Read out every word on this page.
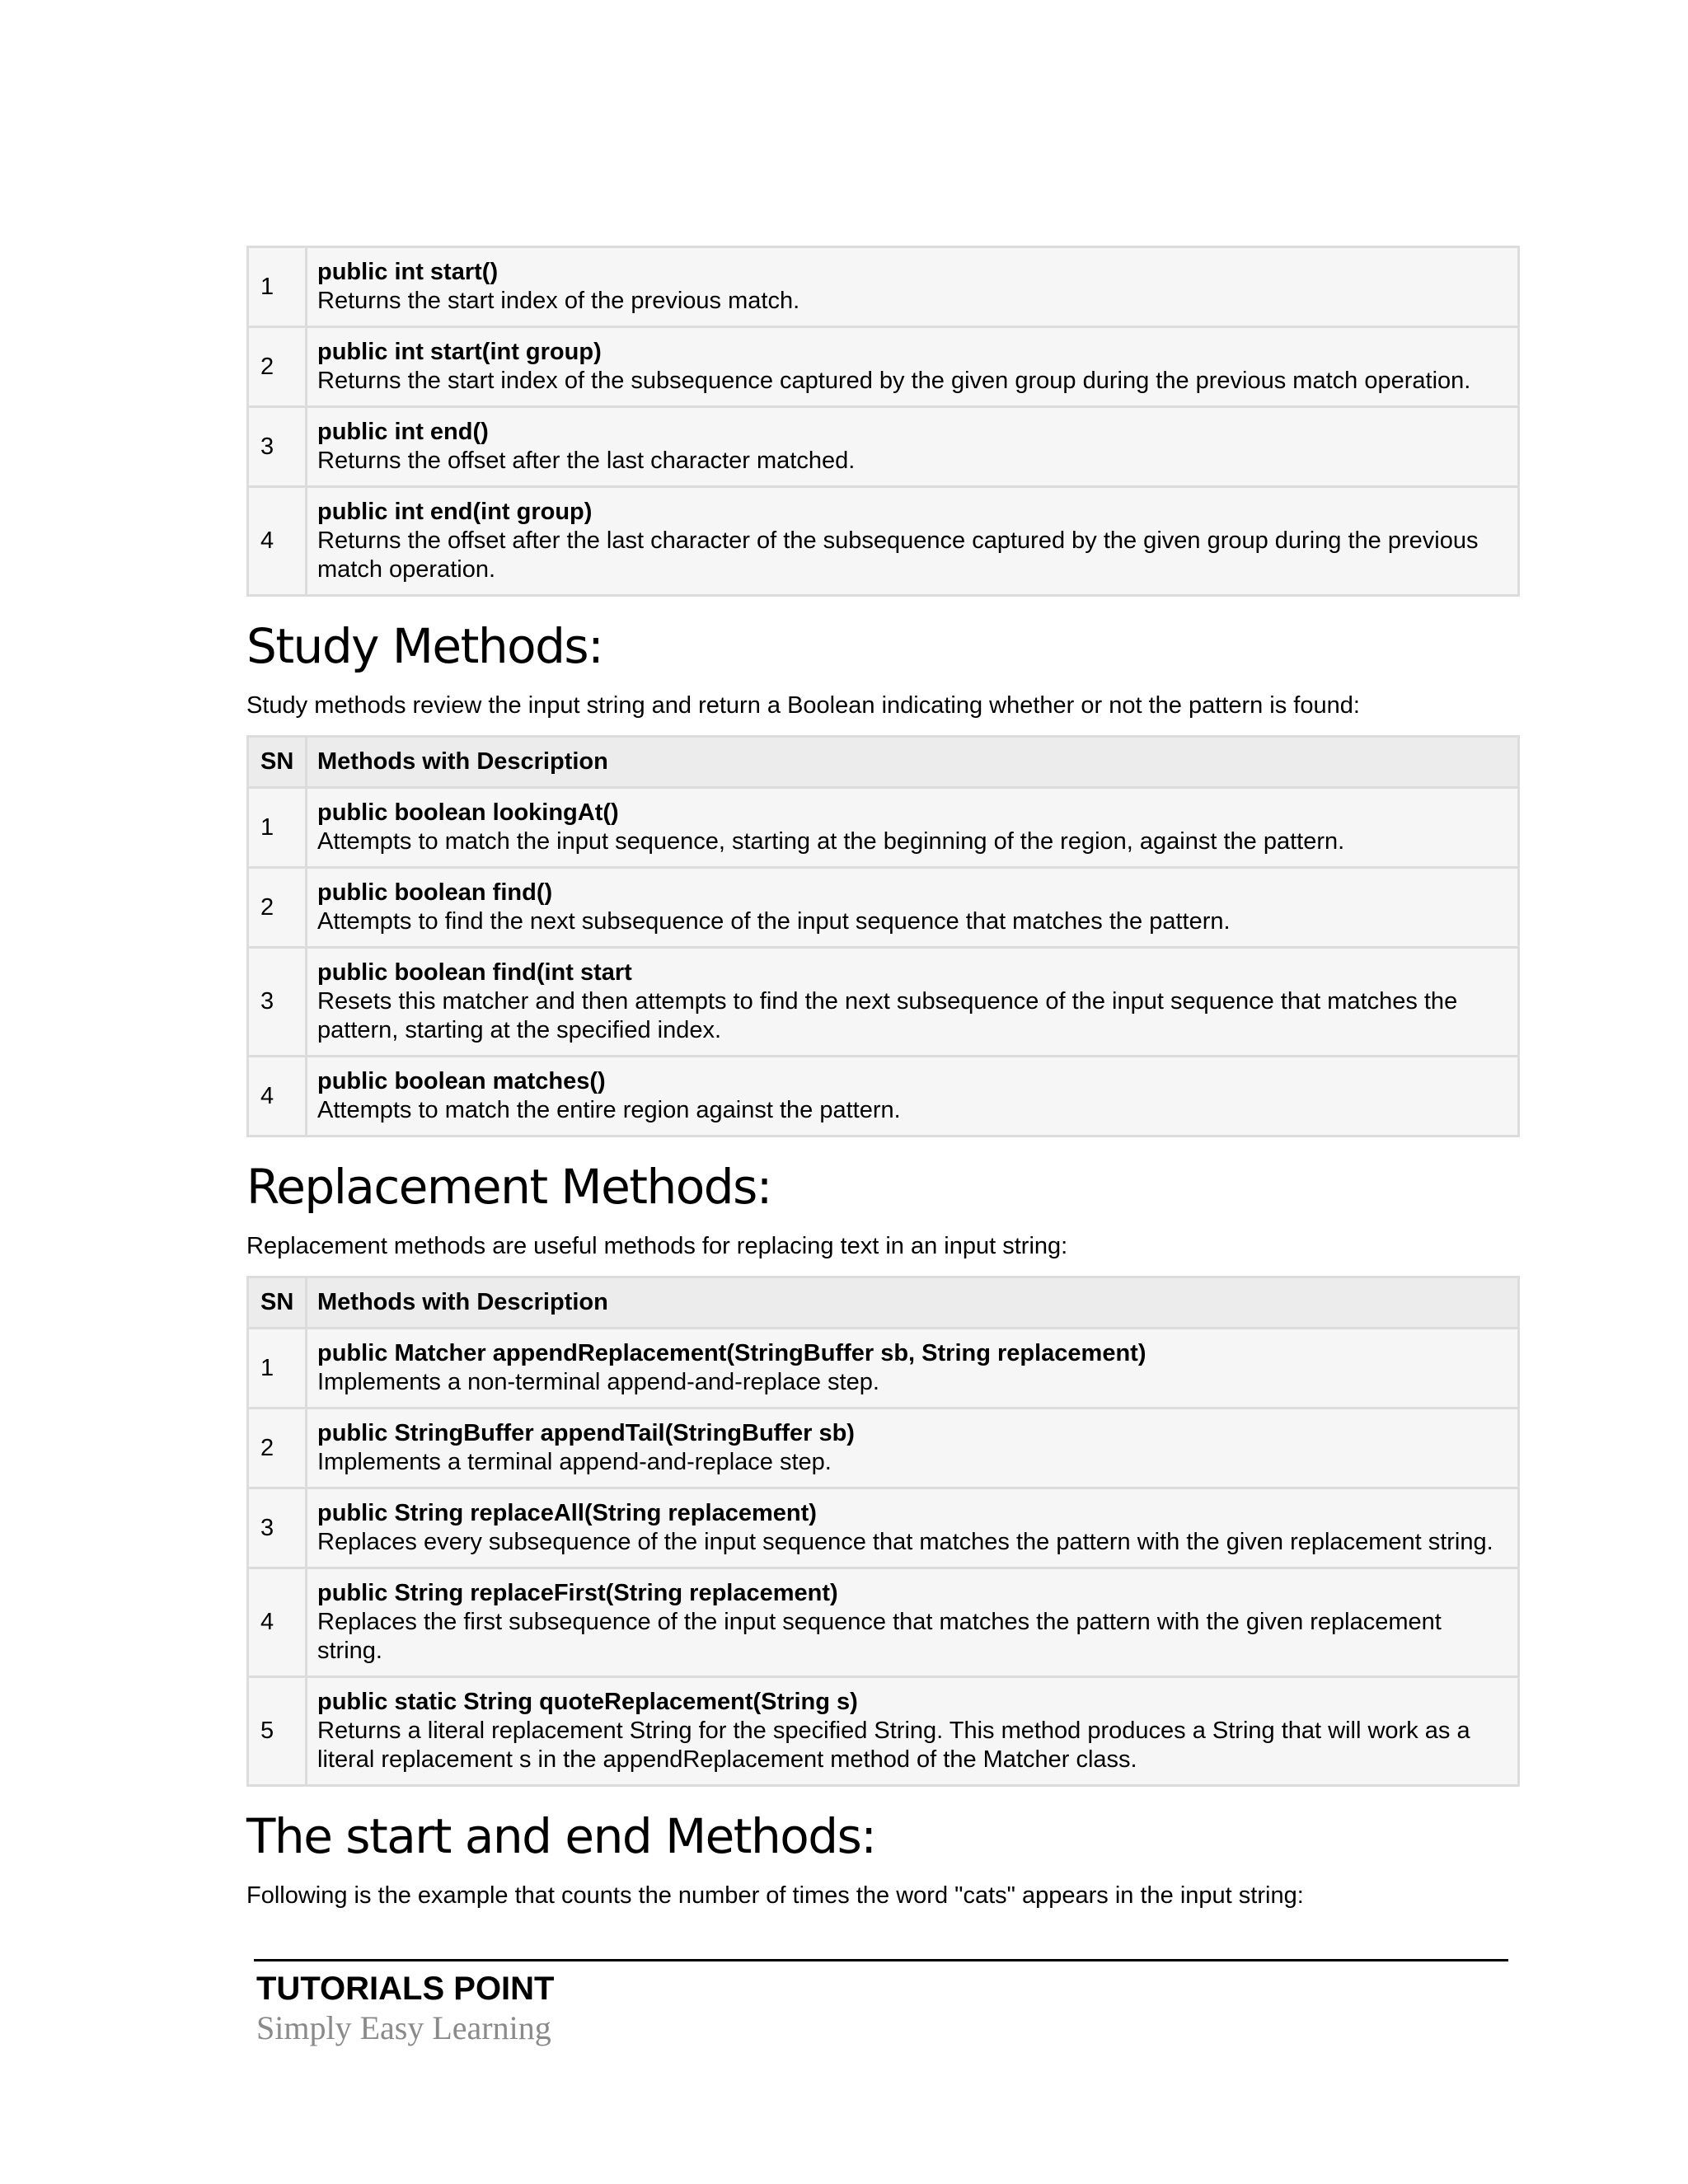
1	public int start()
Returns the start index of the previous match.

2	public int start(int group)
Returns the start index of the subsequence captured by the given group during the previous match operation.

3	public int end()
Returns the offset after the last character matched.

4	public int end(int group)
Returns the offset after the last character of the subsequence captured by the given group during the previous match operation.
Study Methods:

Study methods review the input string and return a Boolean indicating whether or not the pattern is found:

SN	Methods with Description
1	public boolean lookingAt()
Attempts to match the input sequence, starting at the beginning of the region, against the pattern.

2	public boolean find()
Attempts to find the next subsequence of the input sequence that matches the pattern.

3	public boolean find(int start
Resets this matcher and then attempts to find the next subsequence of the input sequence that matches the pattern, starting at the specified index.

4	public boolean matches()
Attempts to match the entire region against the pattern.
Replacement Methods:

Replacement methods are useful methods for replacing text in an input string:

SN	Methods with Description
1	public Matcher appendReplacement(StringBuffer sb, String replacement)
Implements a non-terminal append-and-replace step.

2	public StringBuffer appendTail(StringBuffer sb)
Implements a terminal append-and-replace step.

3	public String replaceAll(String replacement)
Replaces every subsequence of the input sequence that matches the pattern with the given replacement string.

4	public String replaceFirst(String replacement)
Replaces the first subsequence of the input sequence that matches the pattern with the given replacement string.

5	public static String quoteReplacement(String s)
Returns a literal replacement String for the specified String. This method produces a String that will work as a literal replacement s in the appendReplacement method of the Matcher class.
The start and end Methods:

Following is the example that counts the number of times the word "cats" appears in the input string:

TUTORIALS POINT
Simply Easy Learning
